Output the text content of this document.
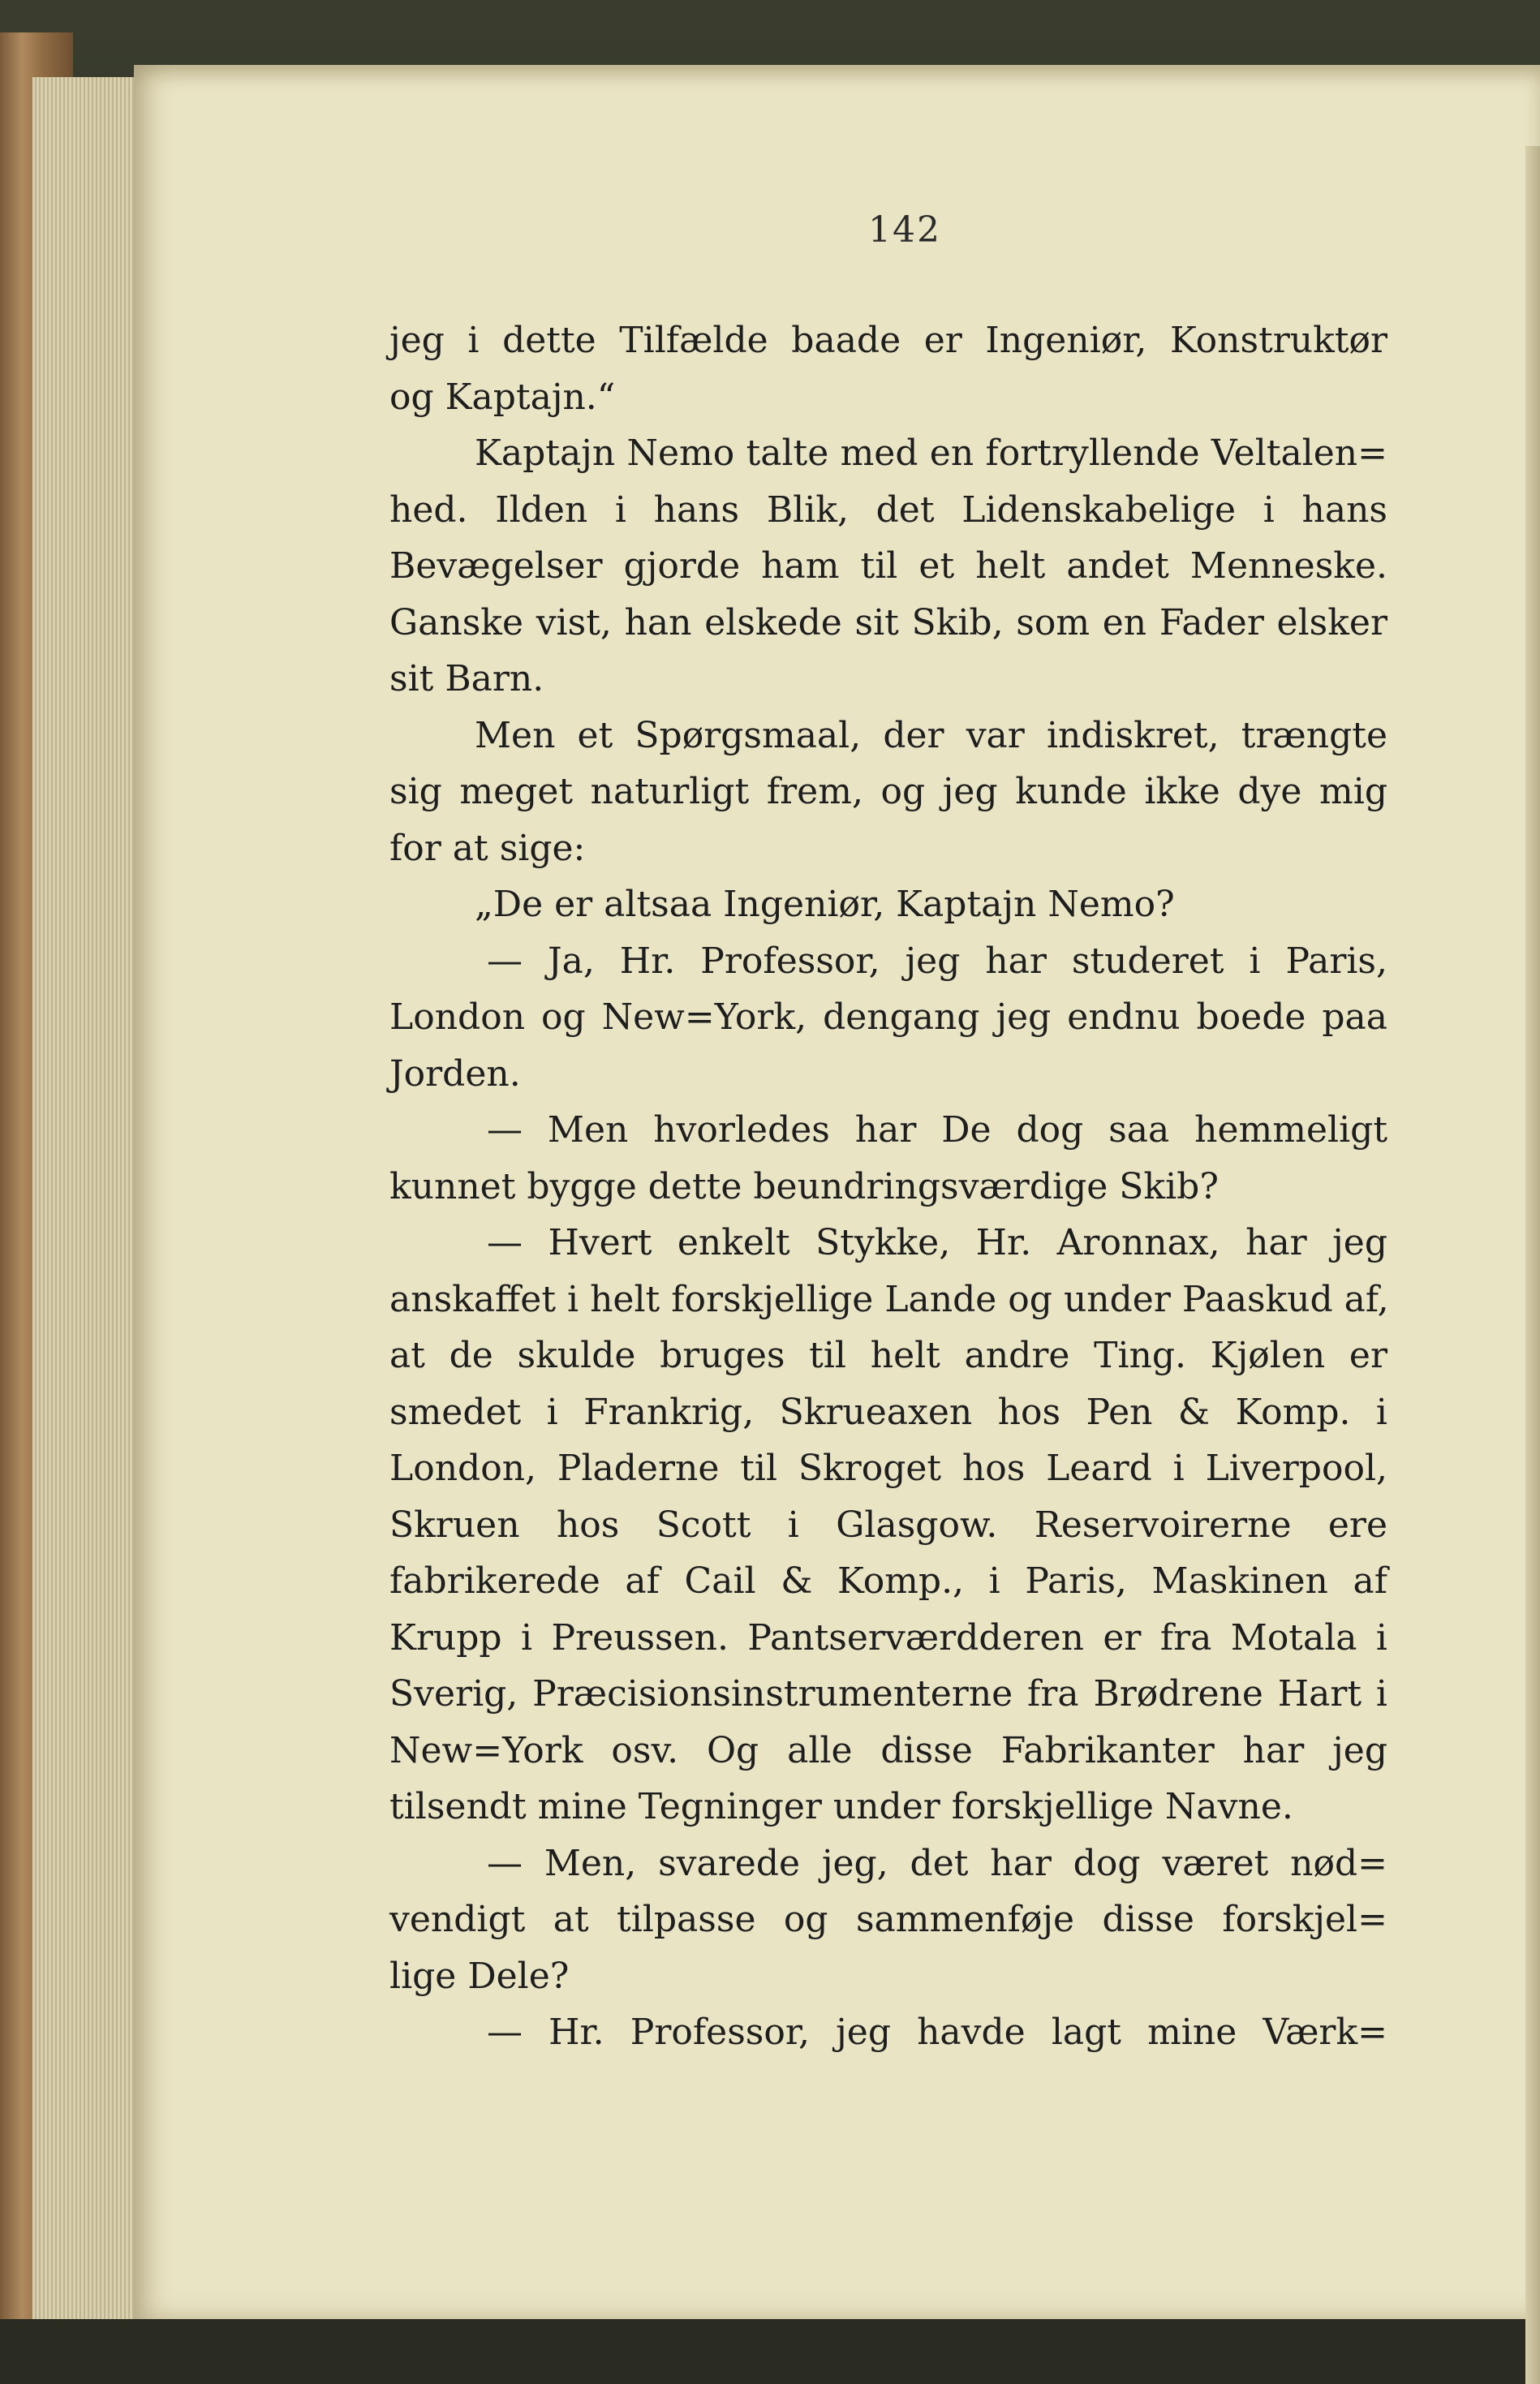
142
jeg i dette Tilfælde baade er Ingeniør, Konstruktør
og Kaptajn.“
Kaptajn Nemo talte med en fortryllende Veltalen=
hed. Ilden i hans Blik, det Lidenskabelige i hans
Bevægelser gjorde ham til et helt andet Menneske.
Ganske vist, han elskede sit Skib, som en Fader elsker
sit Barn.
Men et Spørgsmaal, der var indiskret, trængte
sig meget naturligt frem, og jeg kunde ikke dye mig
for at sige:
„De er altsaa Ingeniør, Kaptajn Nemo?
— Ja, Hr. Professor, jeg har studeret i Paris,
London og New=York, dengang jeg endnu boede paa
Jorden.
— Men hvorledes har De dog saa hemmeligt
kunnet bygge dette beundringsværdige Skib?
— Hvert enkelt Stykke, Hr. Aronnax, har jeg
anskaffet i helt forskjellige Lande og under Paaskud af,
at de skulde bruges til helt andre Ting. Kjølen er
smedet i Frankrig, Skrueaxen hos Pen & Komp. i
London, Pladerne til Skroget hos Leard i Liverpool,
Skruen hos Scott i Glasgow. Reservoirerne ere
fabrikerede af Cail & Komp., i Paris, Maskinen af
Krupp i Preussen. Pantserværdderen er fra Motala i
Sverig, Præcisionsinstrumenterne fra Brødrene Hart i
New=York osv. Og alle disse Fabrikanter har jeg
tilsendt mine Tegninger under forskjellige Navne.
— Men, svarede jeg, det har dog været nød=
vendigt at tilpasse og sammenføje disse forskjel=
lige Dele?
— Hr. Professor, jeg havde lagt mine Værk=
